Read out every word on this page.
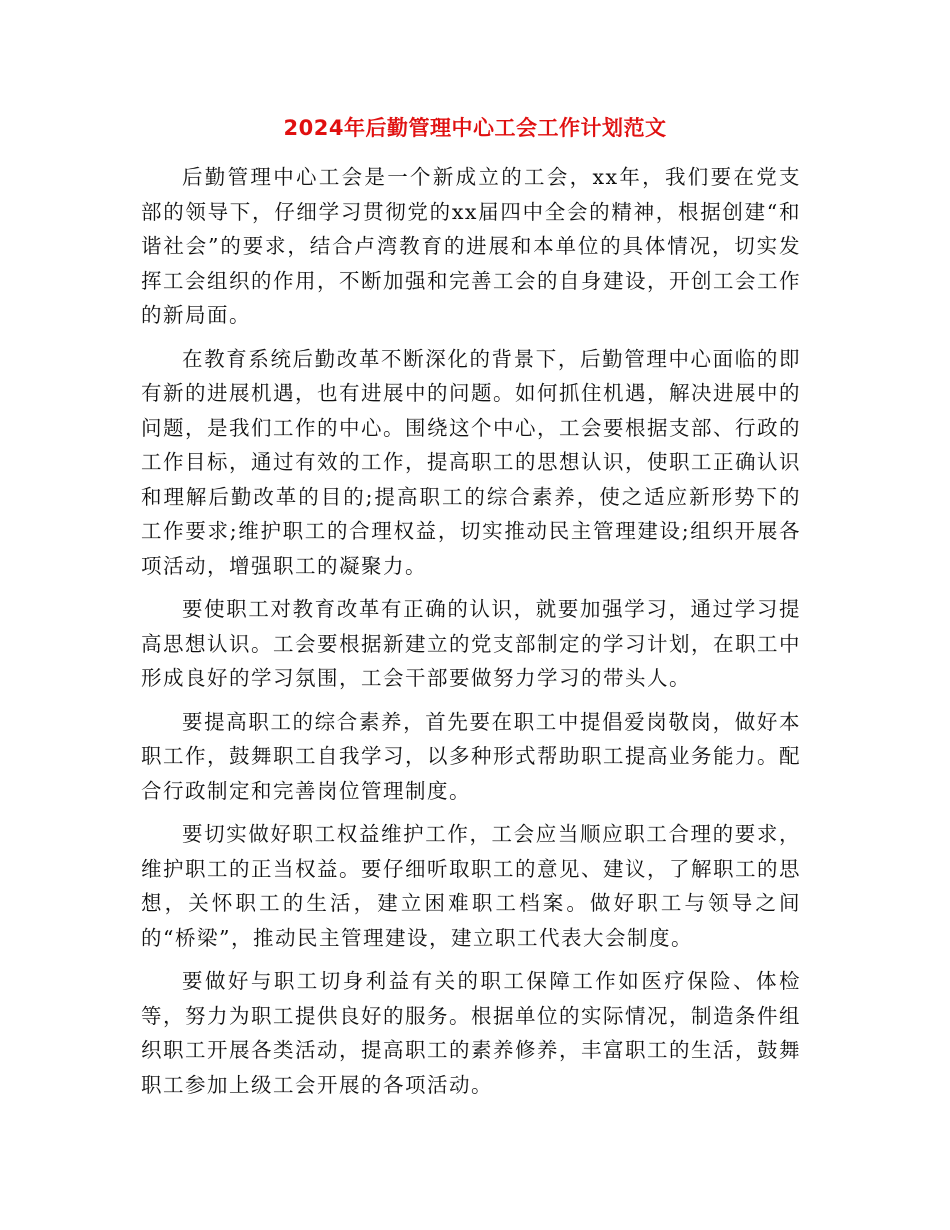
2024年后勤管理中心工会工作计划范文

后勤管理中心工会是一个新成立的工会，xx年，我们要在党支部的领导下，仔细学习贯彻党的xx届四中全会的精神，根据创建“和谐社会”的要求，结合卢湾教育的进展和本单位的具体情况，切实发挥工会组织的作用，不断加强和完善工会的自身建设，开创工会工作的新局面。

在教育系统后勤改革不断深化的背景下，后勤管理中心面临的即有新的进展机遇，也有进展中的问题。如何抓住机遇，解决进展中的问题，是我们工作的中心。围绕这个中心，工会要根据支部、行政的工作目标，通过有效的工作，提高职工的思想认识，使职工正确认识和理解后勤改革的目的;提高职工的综合素养，使之适应新形势下的工作要求;维护职工的合理权益，切实推动民主管理建设;组织开展各项活动，增强职工的凝聚力。

要使职工对教育改革有正确的认识，就要加强学习，通过学习提高思想认识。工会要根据新建立的党支部制定的学习计划，在职工中形成良好的学习氛围，工会干部要做努力学习的带头人。

要提高职工的综合素养，首先要在职工中提倡爱岗敬岗，做好本职工作，鼓舞职工自我学习，以多种形式帮助职工提高业务能力。配合行政制定和完善岗位管理制度。

要切实做好职工权益维护工作，工会应当顺应职工合理的要求，维护职工的正当权益。要仔细听取职工的意见、建议，了解职工的思想，关怀职工的生活，建立困难职工档案。做好职工与领导之间的“桥梁”，推动民主管理建设，建立职工代表大会制度。

要做好与职工切身利益有关的职工保障工作如医疗保险、体检等，努力为职工提供良好的服务。根据单位的实际情况，制造条件组织职工开展各类活动，提高职工的素养修养，丰富职工的生活，鼓舞职工参加上级工会开展的各项活动。
